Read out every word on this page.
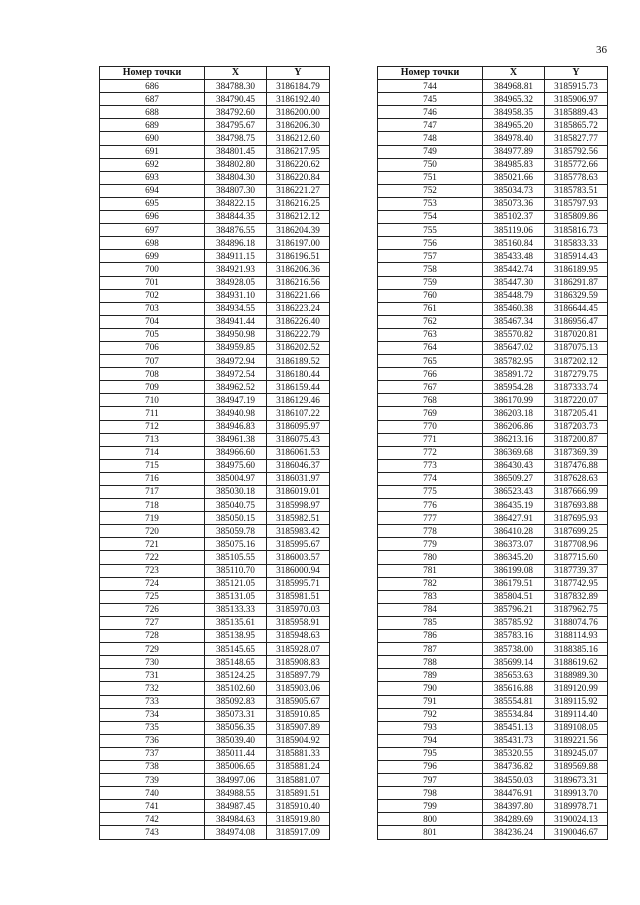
36
Номер точки	X	Y
686	384788.30	3186184.79
687	384790.45	3186192.40
688	384792.60	3186200.00
689	384795.67	3186206.30
690	384798.75	3186212.60
691	384801.45	3186217.95
692	384802.80	3186220.62
693	384804.30	3186220.84
694	384807.30	3186221.27
695	384822.15	3186216.25
696	384844.35	3186212.12
697	384876.55	3186204.39
698	384896.18	3186197.00
699	384911.15	3186196.51
700	384921.93	3186206.36
701	384928.05	3186216.56
702	384931.10	3186221.66
703	384934.55	3186223.24
704	384941.44	3186226.40
705	384950.98	3186222.79
706	384959.85	3186202.52
707	384972.94	3186189.52
708	384972.54	3186180.44
709	384962.52	3186159.44
710	384947.19	3186129.46
711	384940.98	3186107.22
712	384946.83	3186095.97
713	384961.38	3186075.43
714	384966.60	3186061.53
715	384975.60	3186046.37
716	385004.97	3186031.97
717	385030.18	3186019.01
718	385040.75	3185998.97
719	385050.15	3185982.51
720	385059.78	3185983.42
721	385075.16	3185995.67
722	385105.55	3186003.57
723	385110.70	3186000.94
724	385121.05	3185995.71
725	385131.05	3185981.51
726	385133.33	3185970.03
727	385135.61	3185958.91
728	385138.95	3185948.63
729	385145.65	3185928.07
730	385148.65	3185908.83
731	385124.25	3185897.79
732	385102.60	3185903.06
733	385092.83	3185905.67
734	385073.31	3185910.85
735	385056.35	3185907.89
736	385039.40	3185904.92
737	385011.44	3185881.33
738	385006.65	3185881.24
739	384997.06	3185881.07
740	384988.55	3185891.51
741	384987.45	3185910.40
742	384984.63	3185919.80
743	384974.08	3185917.09
Номер точки	X	Y
744	384968.81	3185915.73
745	384965.32	3185906.97
746	384958.35	3185889.43
747	384965.20	3185865.72
748	384978.40	3185827.77
749	384977.89	3185792.56
750	384985.83	3185772.66
751	385021.66	3185778.63
752	385034.73	3185783.51
753	385073.36	3185797.93
754	385102.37	3185809.86
755	385119.06	3185816.73
756	385160.84	3185833.33
757	385433.48	3185914.43
758	385442.74	3186189.95
759	385447.30	3186291.87
760	385448.79	3186329.59
761	385460.38	3186644.45
762	385467.34	3186956.47
763	385570.82	3187020.81
764	385647.02	3187075.13
765	385782.95	3187202.12
766	385891.72	3187279.75
767	385954.28	3187333.74
768	386170.99	3187220.07
769	386203.18	3187205.41
770	386206.86	3187203.73
771	386213.16	3187200.87
772	386369.68	3187369.39
773	386430.43	3187476.88
774	386509.27	3187628.63
775	386523.43	3187666.99
776	386435.19	3187693.88
777	386427.91	3187695.93
778	386410.28	3187699.25
779	386373.07	3187708.96
780	386345.20	3187715.60
781	386199.08	3187739.37
782	386179.51	3187742.95
783	385804.51	3187832.89
784	385796.21	3187962.75
785	385785.92	3188074.76
786	385783.16	3188114.93
787	385738.00	3188385.16
788	385699.14	3188619.62
789	385653.63	3188989.30
790	385616.88	3189120.99
791	385554.81	3189115.92
792	385534.84	3189114.40
793	385451.13	3189108.05
794	385431.73	3189221.56
795	385320.55	3189245.07
796	384736.82	3189569.88
797	384550.03	3189673.31
798	384476.91	3189913.70
799	384397.80	3189978.71
800	384289.69	3190024.13
801	384236.24	3190046.67
